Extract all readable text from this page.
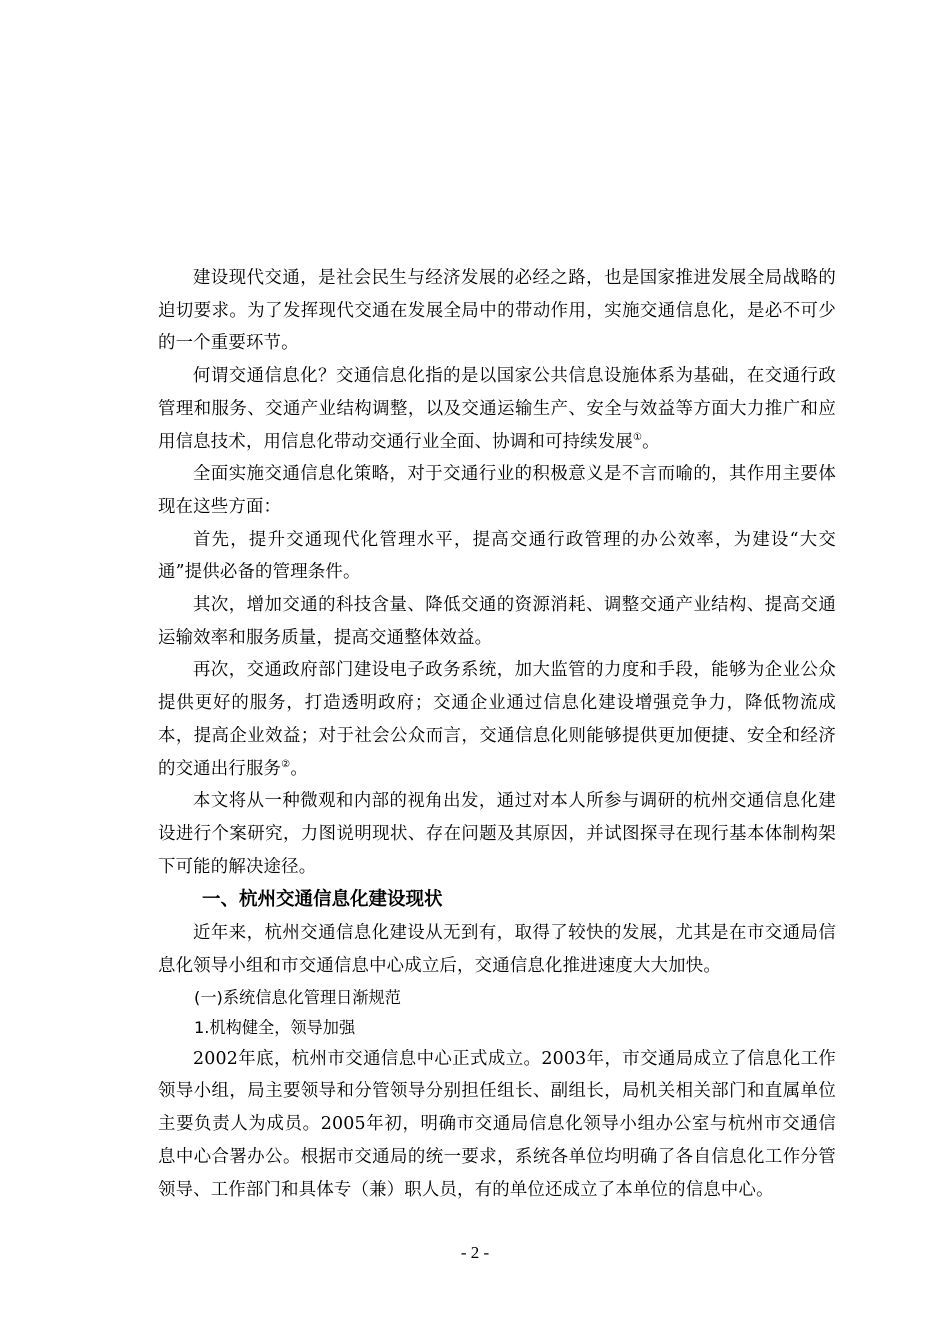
建设现代交通，是社会民生与经济发展的必经之路，也是国家推进发展全局战略的迫切要求。为了发挥现代交通在发展全局中的带动作用，实施交通信息化，是必不可少的一个重要环节。

何谓交通信息化？交通信息化指的是以国家公共信息设施体系为基础，在交通行政管理和服务、交通产业结构调整，以及交通运输生产、安全与效益等方面大力推广和应用信息技术，用信息化带动交通行业全面、协调和可持续发展①。

全面实施交通信息化策略，对于交通行业的积极意义是不言而喻的，其作用主要体现在这些方面：

首先，提升交通现代化管理水平，提高交通行政管理的办公效率，为建设“大交通”提供必备的管理条件。

其次，增加交通的科技含量、降低交通的资源消耗、调整交通产业结构、提高交通运输效率和服务质量，提高交通整体效益。

再次，交通政府部门建设电子政务系统，加大监管的力度和手段，能够为企业公众提供更好的服务，打造透明政府；交通企业通过信息化建设增强竞争力，降低物流成本，提高企业效益；对于社会公众而言，交通信息化则能够提供更加便捷、安全和经济的交通出行服务②。

本文将从一种微观和内部的视角出发，通过对本人所参与调研的杭州交通信息化建设进行个案研究，力图说明现状、存在问题及其原因，并试图探寻在现行基本体制构架下可能的解决途径。

一、杭州交通信息化建设现状

近年来，杭州交通信息化建设从无到有，取得了较快的发展，尤其是在市交通局信息化领导小组和市交通信息中心成立后，交通信息化推进速度大大加快。

(一)系统信息化管理日渐规范

1.机构健全，领导加强

2002年底，杭州市交通信息中心正式成立。2003年，市交通局成立了信息化工作领导小组，局主要领导和分管领导分别担任组长、副组长，局机关相关部门和直属单位主要负责人为成员。2005年初，明确市交通局信息化领导小组办公室与杭州市交通信息中心合署办公。根据市交通局的统一要求，系统各单位均明确了各自信息化工作分管领导、工作部门和具体专（兼）职人员，有的单位还成立了本单位的信息中心。

- 2 -
